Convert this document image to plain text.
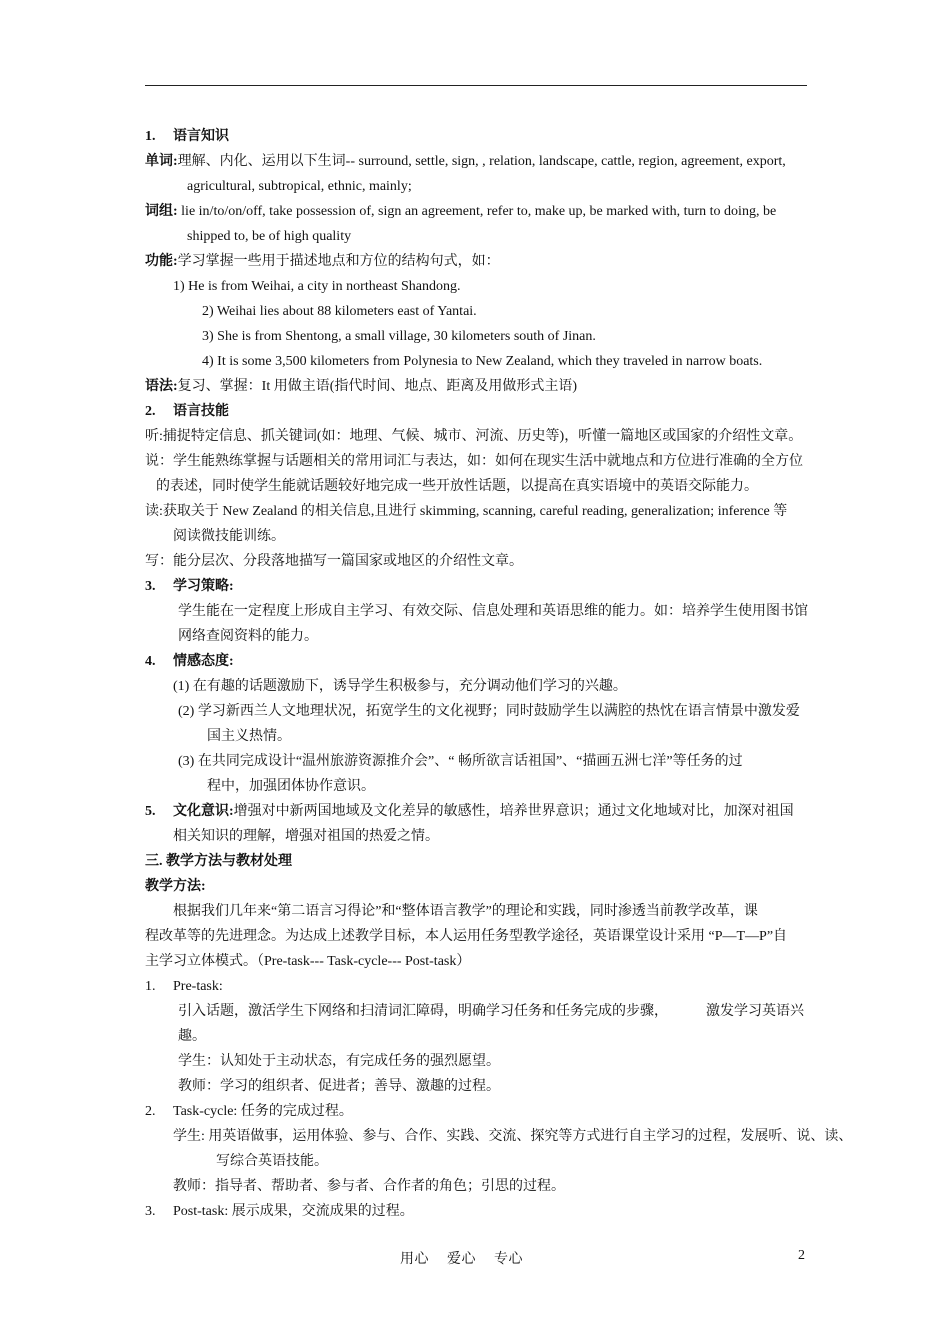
1. 语言知识
单词:理解、内化、运用以下生词-- surround, settle, sign, , relation, landscape, cattle, region, agreement, export,
agricultural, subtropical, ethnic, mainly;
词组: lie in/to/on/off, take possession of, sign an agreement, refer to, make up, be marked with, turn to doing, be
shipped to, be of high quality
功能:学习掌握一些用于描述地点和方位的结构句式，如：
1) He is from Weihai, a city in northeast Shandong.
2) Weihai lies about 88 kilometers east of Yantai.
3) She is from Shentong, a small village, 30 kilometers south of Jinan.
4) It is some 3,500 kilometers from Polynesia to New Zealand, which they traveled in narrow boats.
语法:复习、掌握：It 用做主语(指代时间、地点、距离及用做形式主语)
2. 语言技能
听:捕捉特定信息、抓关键词(如：地理、气候、城市、河流、历史等)，听懂一篇地区或国家的介绍性文章。
说：学生能熟练掌握与话题相关的常用词汇与表达，如：如何在现实生活中就地点和方位进行准确的全方位
的表述，同时使学生能就话题较好地完成一些开放性话题，以提高在真实语境中的英语交际能力。
读:获取关于 New Zealand 的相关信息,且进行 skimming, scanning, careful reading, generalization; inference 等
阅读微技能训练。
写：能分层次、分段落地描写一篇国家或地区的介绍性文章。
3. 学习策略:
学生能在一定程度上形成自主学习、有效交际、信息处理和英语思维的能力。如：培养学生使用图书馆
网络查阅资料的能力。
4. 情感态度:
(1) 在有趣的话题激励下，诱导学生积极参与，充分调动他们学习的兴趣。
(2) 学习新西兰人文地理状况，拓宽学生的文化视野；同时鼓励学生以满腔的热忱在语言情景中激发爱
国主义热情。
(3) 在共同完成设计“温州旅游资源推介会”、“ 畅所欲言话祖国”、“描画五洲七洋”等任务的过
程中，加强团体协作意识。
5. 文化意识:增强对中新两国地域及文化差异的敏感性，培养世界意识；通过文化地域对比，加深对祖国
相关知识的理解，增强对祖国的热爱之情。
三. 教学方法与教材处理
教学方法:
根据我们几年来“第二语言习得论”和“整体语言教学”的理论和实践，同时渗透当前教学改革，课
程改革等的先进理念。为达成上述教学目标，本人运用任务型教学途径，英语课堂设计采用 “P—T—P”自
主学习立体模式。（Pre-task--- Task-cycle--- Post-task）
1. Pre-task:
引入话题，激活学生下网络和扫清词汇障碍，明确学习任务和任务完成的步骤，	激发学习英语兴
趣。
学生：认知处于主动状态，有完成任务的强烈愿望。
教师：学习的组织者、促进者；善导、激趣的过程。
2. Task-cycle: 任务的完成过程。
学生: 用英语做事，运用体验、参与、合作、实践、交流、探究等方式进行自主学习的过程，发展听、说、读、
写综合英语技能。
教师：指导者、帮助者、参与者、合作者的角色；引思的过程。
3. Post-task: 展示成果，交流成果的过程。
用心 爱心 专心	2
